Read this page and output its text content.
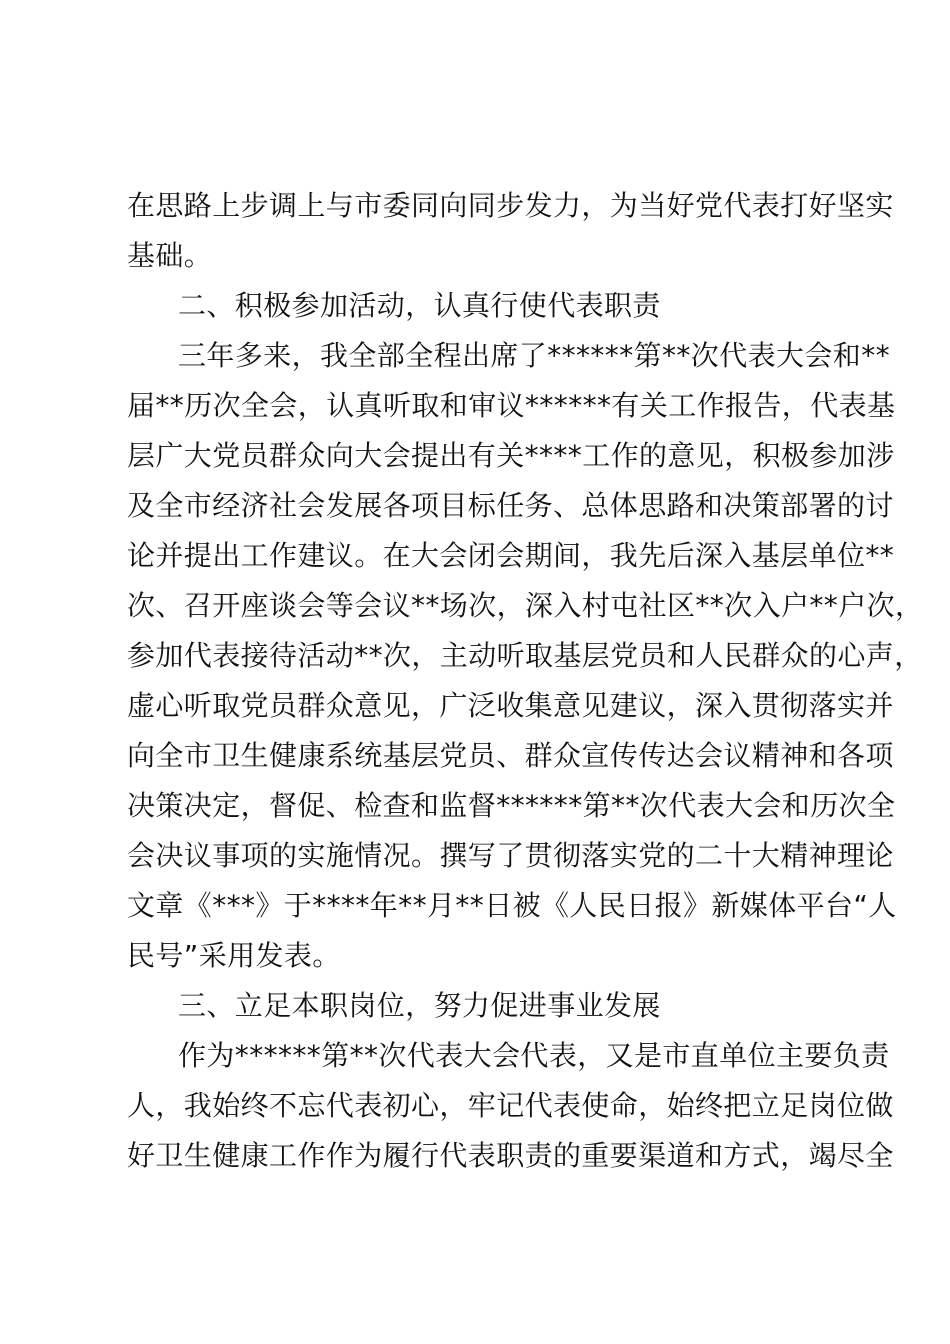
在思路上步调上与市委同向同步发力，为当好党代表打好坚实

基础。

二、积极参加活动，认真行使代表职责

三年多来，我全部全程出席了******第**次代表大会和**

届**历次全会，认真听取和审议******有关工作报告，代表基

层广大党员群众向大会提出有关****工作的意见，积极参加涉

及全市经济社会发展各项目标任务、总体思路和决策部署的讨

论并提出工作建议。在大会闭会期间，我先后深入基层单位**

次、召开座谈会等会议**场次，深入村屯社区**次入户**户次，

参加代表接待活动**次，主动听取基层党员和人民群众的心声，

虚心听取党员群众意见，广泛收集意见建议，深入贯彻落实并

向全市卫生健康系统基层党员、群众宣传传达会议精神和各项

决策决定，督促、检查和监督******第**次代表大会和历次全

会决议事项的实施情况。撰写了贯彻落实党的二十大精神理论

文章《***》于****年**月**日被《人民日报》新媒体平台“人

民号”采用发表。

三、立足本职岗位，努力促进事业发展

作为******第**次代表大会代表，又是市直单位主要负责

人，我始终不忘代表初心，牢记代表使命，始终把立足岗位做

好卫生健康工作作为履行代表职责的重要渠道和方式，竭尽全
